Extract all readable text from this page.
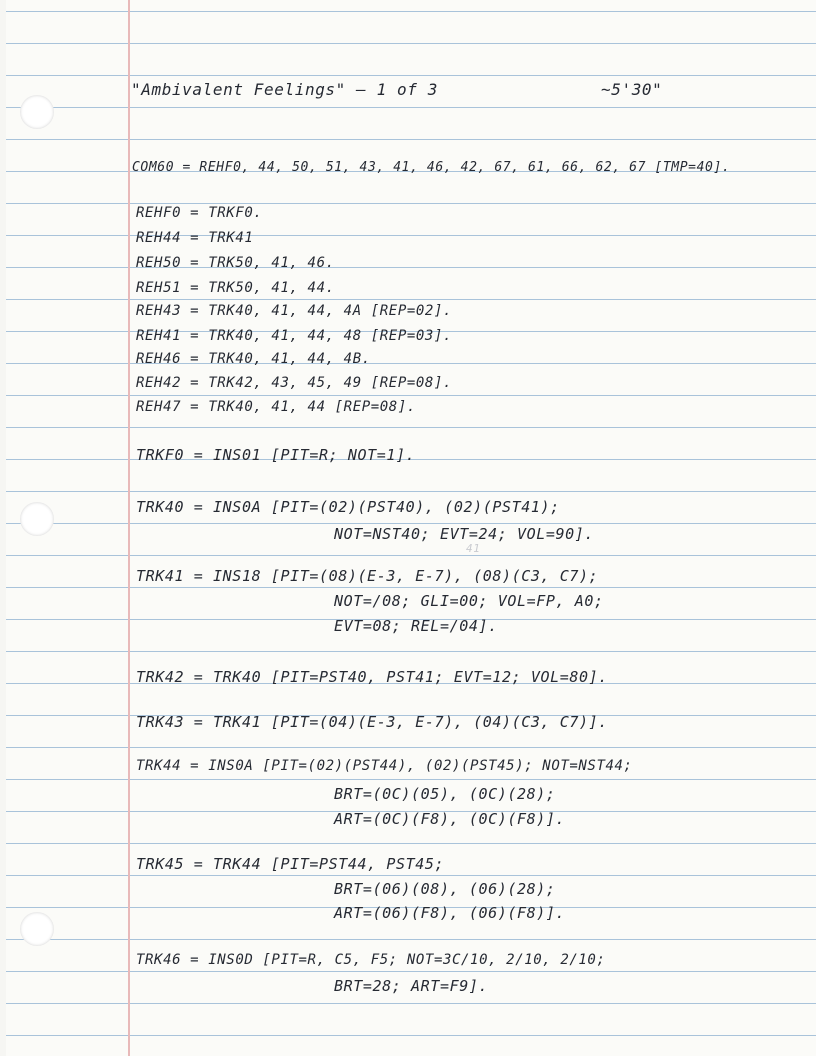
"Ambivalent Feelings" — 1 of 3	~5'30"
COM60 = REHF0, 44, 50, 51, 43, 41, 46, 42, 67, 61, 66, 62, 67 [TMP=40].
REHF0 = TRKF0.
REH44 = TRK41
REH50 = TRK50, 41, 46.
REH51 = TRK50, 41, 44.
REH43 = TRK40, 41, 44, 4A [REP=02].
REH41 = TRK40, 41, 44, 48 [REP=03].
REH46 = TRK40, 41, 44, 4B.
REH42 = TRK42, 43, 45, 49 [REP=08].
REH47 = TRK40, 41, 44 [REP=08].
TRKF0 = INS01 [PIT=R; NOT=1].
TRK40 = INS0A [PIT=(02)(PST40), (02)(PST41);
NOT=NST40; EVT=24; VOL=90].
41
TRK41 = INS18 [PIT=(08)(E-3, E-7), (08)(C3, C7);
NOT=/08; GLI=00; VOL=FP, A0;
EVT=08; REL=/04].
TRK42 = TRK40 [PIT=PST40, PST41; EVT=12; VOL=80].
TRK43 = TRK41 [PIT=(04)(E-3, E-7), (04)(C3, C7)].
TRK44 = INS0A [PIT=(02)(PST44), (02)(PST45); NOT=NST44;
BRT=(0C)(05), (0C)(28);
ART=(0C)(F8), (0C)(F8)].
TRK45 = TRK44 [PIT=PST44, PST45;
BRT=(06)(08), (06)(28);
ART=(06)(F8), (06)(F8)].
TRK46 = INS0D [PIT=R, C5, F5; NOT=3C/10, 2/10, 2/10;
BRT=28; ART=F9].
